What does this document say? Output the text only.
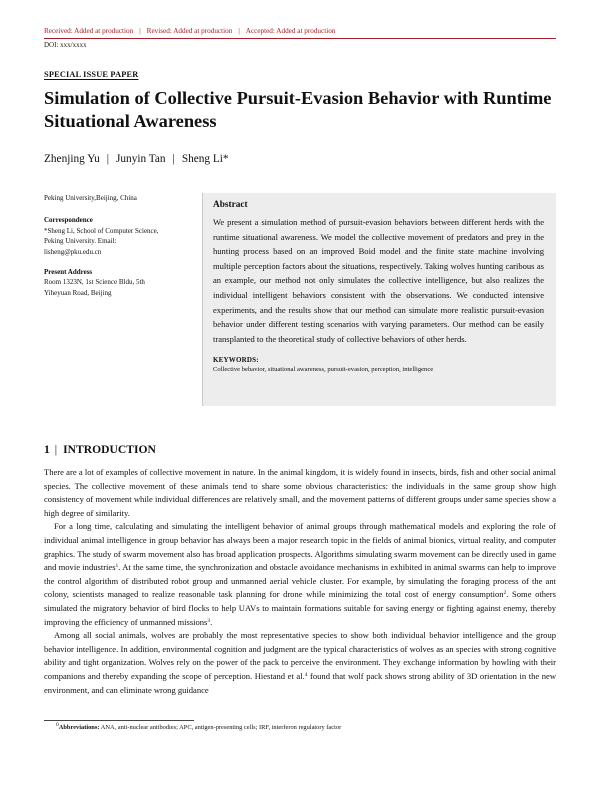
Received: Added at production | Revised: Added at production | Accepted: Added at production
DOI: xxx/xxxx
SPECIAL ISSUE PAPER
Simulation of Collective Pursuit-Evasion Behavior with Runtime Situational Awareness
Zhenjing Yu | Junyin Tan | Sheng Li*

Peking University,Beijing, China

Correspondence

*Sheng Li, School of Computer Science,

Peking University. Email:

lisheng@pku.edu.cn

Present Address

Room 1323N, 1st Science Bldu, 5th

Yiheyuan Road, Beijing

Abstract

We present a simulation method of pursuit-evasion behaviors between different herds with the runtime situational awareness. We model the collective movement of predators and prey in the hunting process based on an improved Boid model and the finite state machine involving multiple perception factors about the situations, respectively. Taking wolves hunting caribous as an example, our method not only simulates the collective intelligence, but also realizes the individual intelligent behaviors consistent with the observations. We conducted intensive experiments, and the results show that our method can simulate more realistic pursuit-evasion behavior under different testing scenarios with varying parameters. Our method can be easily transplanted to the theoretical study of collective behaviors of other herds.

KEYWORDS:

Collective behavior, situational awareness, pursuit-evasion, perception, intelligence

1 | INTRODUCTION

There are a lot of examples of collective movement in nature. In the animal kingdom, it is widely found in insects, birds, fish and other social animal species. The collective movement of these animals tend to share some obvious characteristics: the individuals in the same group show high consistency of movement while individual differences are relatively small, and the movement patterns of different groups under same species show a high degree of similarity.

For a long time, calculating and simulating the intelligent behavior of animal groups through mathematical models and exploring the role of individual animal intelligence in group behavior has always been a major research topic in the fields of animal bionics, virtual reality, and computer graphics. The study of swarm movement also has broad application prospects. Algorithms simulating swarm movement can be directly used in game and movie industries$^1$. At the same time, the synchronization and obstacle avoidance mechanisms in exhibited in animal swarms can help to improve the control algorithm of distributed robot group and unmanned aerial vehicle cluster. For example, by simulating the foraging process of the ant colony, scientists managed to realize reasonable task planning for drone while minimizing the total cost of energy consumption$^2$. Some others simulated the migratory behavior of bird flocks to help UAVs to maintain formations suitable for saving energy or fighting against enemy, thereby improving the efficiency of unmanned missions$^3$.

Among all social animals, wolves are probably the most representative species to show both individual behavior intelligence and the group behavior intelligence. In addition, environmental cognition and judgment are the typical characteristics of wolves as an species with strong cognitive ability and tight organization. Wolves rely on the power of the pack to perceive the environment. They exchange information by howling with their companions and thereby expanding the scope of perception. Hiestand et al.$^4$ found that wolf pack shows strong ability of 3D orientation in the new environment, and can eliminate wrong guidance

$^0$Abbreviations: ANA, anti-nuclear antibodies; APC, antigen-presenting cells; IRF, interferon regulatory factor
